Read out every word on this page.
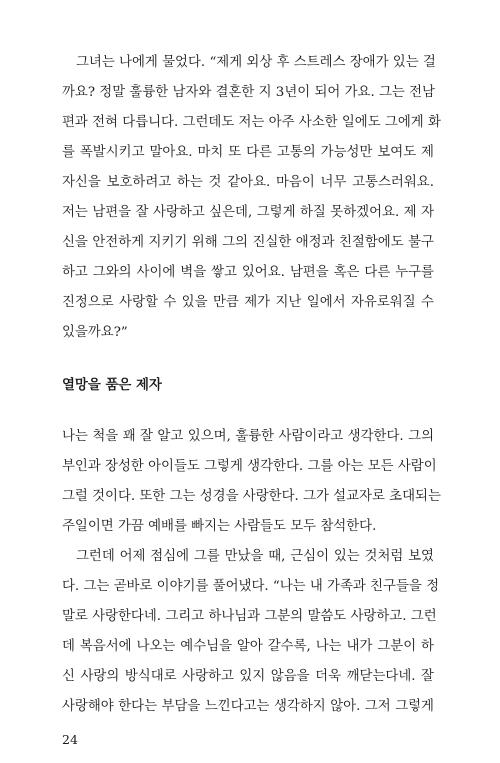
그녀는 나에게 물었다. “제게 외상 후 스트레스 장애가 있는 걸
까요? 정말 훌륭한 남자와 결혼한 지 3년이 되어 가요. 그는 전남
편과 전혀 다릅니다. 그런데도 저는 아주 사소한 일에도 그에게 화
를 폭발시키고 말아요. 마치 또 다른 고통의 가능성만 보여도 제
자신을 보호하려고 하는 것 같아요. 마음이 너무 고통스러워요.
저는 남편을 잘 사랑하고 싶은데, 그렇게 하질 못하겠어요. 제 자
신을 안전하게 지키기 위해 그의 진실한 애정과 친절함에도 불구
하고 그와의 사이에 벽을 쌓고 있어요. 남편을 혹은 다른 누구를
진정으로 사랑할 수 있을 만큼 제가 지난 일에서 자유로워질 수
있을까요?”
열망을 품은 제자
나는 척을 꽤 잘 알고 있으며, 훌륭한 사람이라고 생각한다. 그의
부인과 장성한 아이들도 그렇게 생각한다. 그를 아는 모든 사람이
그럴 것이다. 또한 그는 성경을 사랑한다. 그가 설교자로 초대되는
주일이면 가끔 예배를 빠지는 사람들도 모두 참석한다.
그런데 어제 점심에 그를 만났을 때, 근심이 있는 것처럼 보였
다. 그는 곧바로 이야기를 풀어냈다. “나는 내 가족과 친구들을 정
말로 사랑한다네. 그리고 하나님과 그분의 말씀도 사랑하고. 그런
데 복음서에 나오는 예수님을 알아 갈수록, 나는 내가 그분이 하
신 사랑의 방식대로 사랑하고 있지 않음을 더욱 깨닫는다네. 잘
사랑해야 한다는 부담을 느낀다고는 생각하지 않아. 그저 그렇게
24
